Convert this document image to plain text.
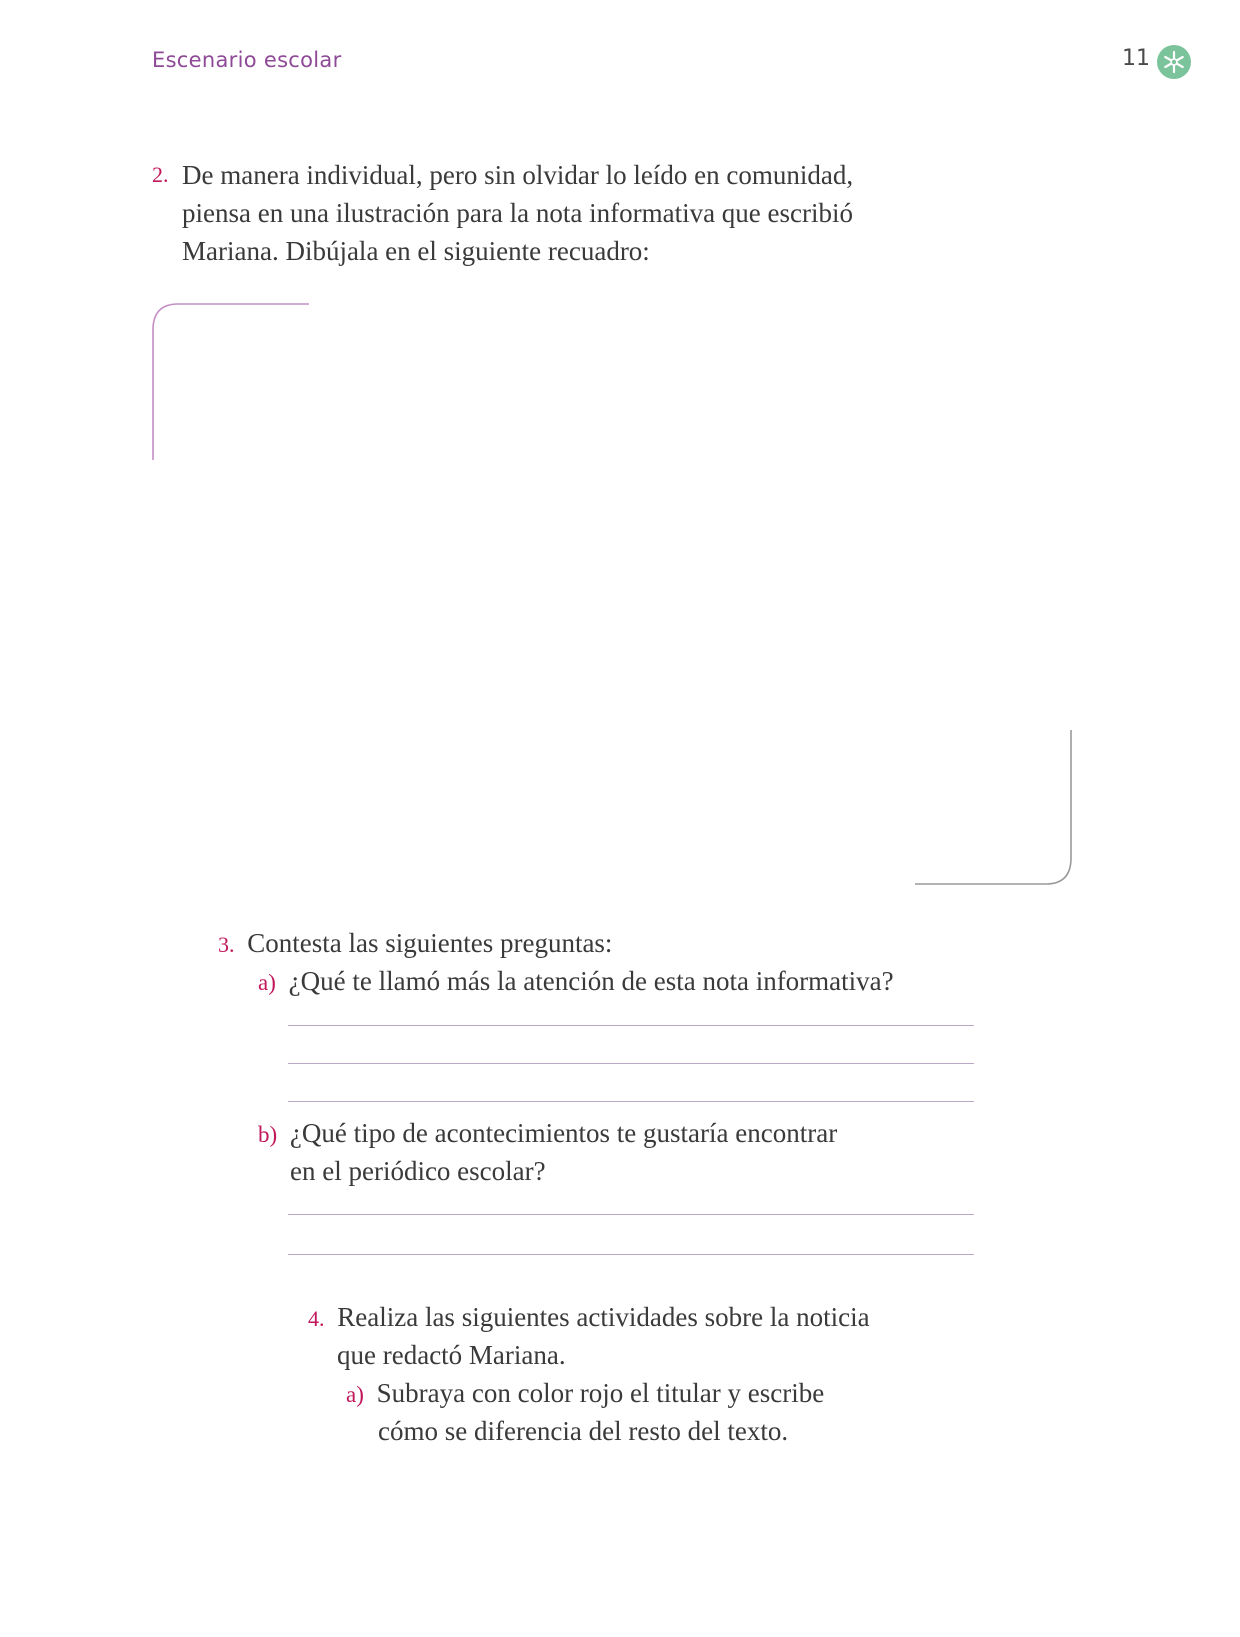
Escenario escolar	11
2. De manera individual, pero sin olvidar lo leído en comunidad,
piensa en una ilustración para la nota informativa que escribió
Mariana. Dibújala en el siguiente recuadro:
3. Contesta las siguientes preguntas:
a) ¿Qué te llamó más la atención de esta nota informativa?
b) ¿Qué tipo de acontecimientos te gustaría encontrar
en el periódico escolar?
4. Realiza las siguientes actividades sobre la noticia
que redactó Mariana.
a) Subraya con color rojo el titular y escribe
cómo se diferencia del resto del texto.
